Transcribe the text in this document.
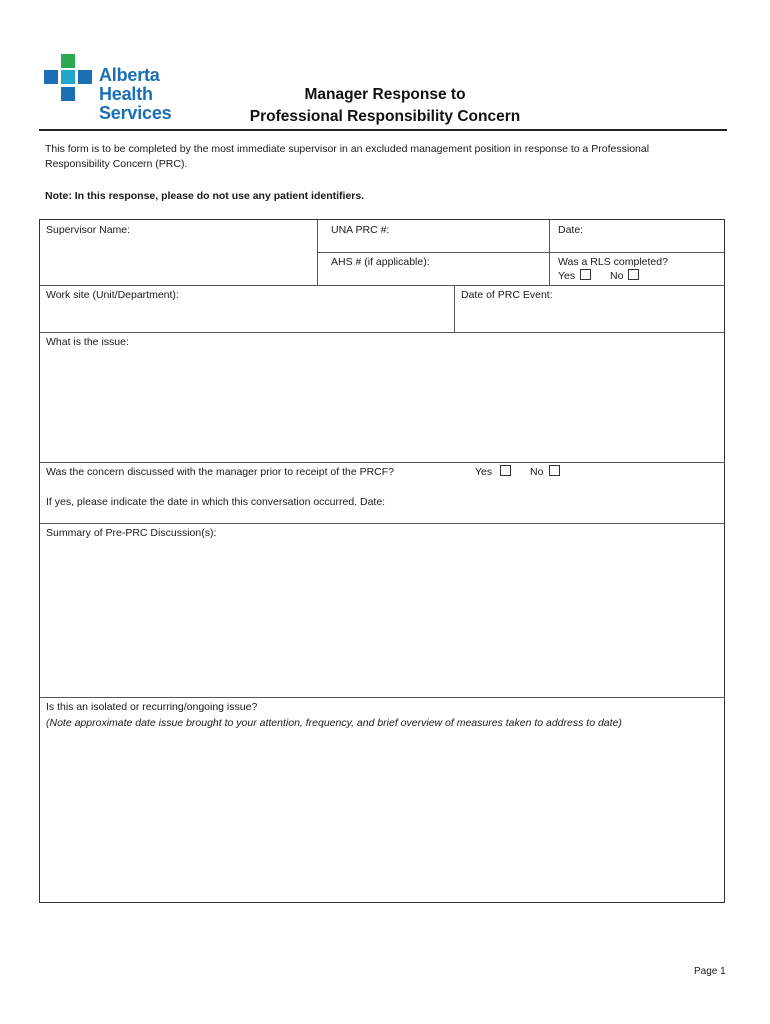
Alberta Health
Services
Manager Response to
Professional Responsibility Concern
This form is to be completed by the most immediate supervisor in an excluded management position in response to a Professional Responsibility Concern (PRC).
Note: In this response, please do not use any patient identifiers.
Supervisor Name:	UNA PRC #:	Date:
AHS # (if applicable):	Was a RLS completed?
Yes	No
Work site (Unit/Department):	Date of PRC Event:
What is the issue:
Was the concern discussed with the manager prior to receipt of the PRCF?	Yes	No
If yes, please indicate the date in which this conversation occurred. Date:
Summary of Pre-PRC Discussion(s):
Is this an isolated or recurring/ongoing issue?
(Note approximate date issue brought to your attention, frequency, and brief overview of measures taken to address to date)
Page 1
